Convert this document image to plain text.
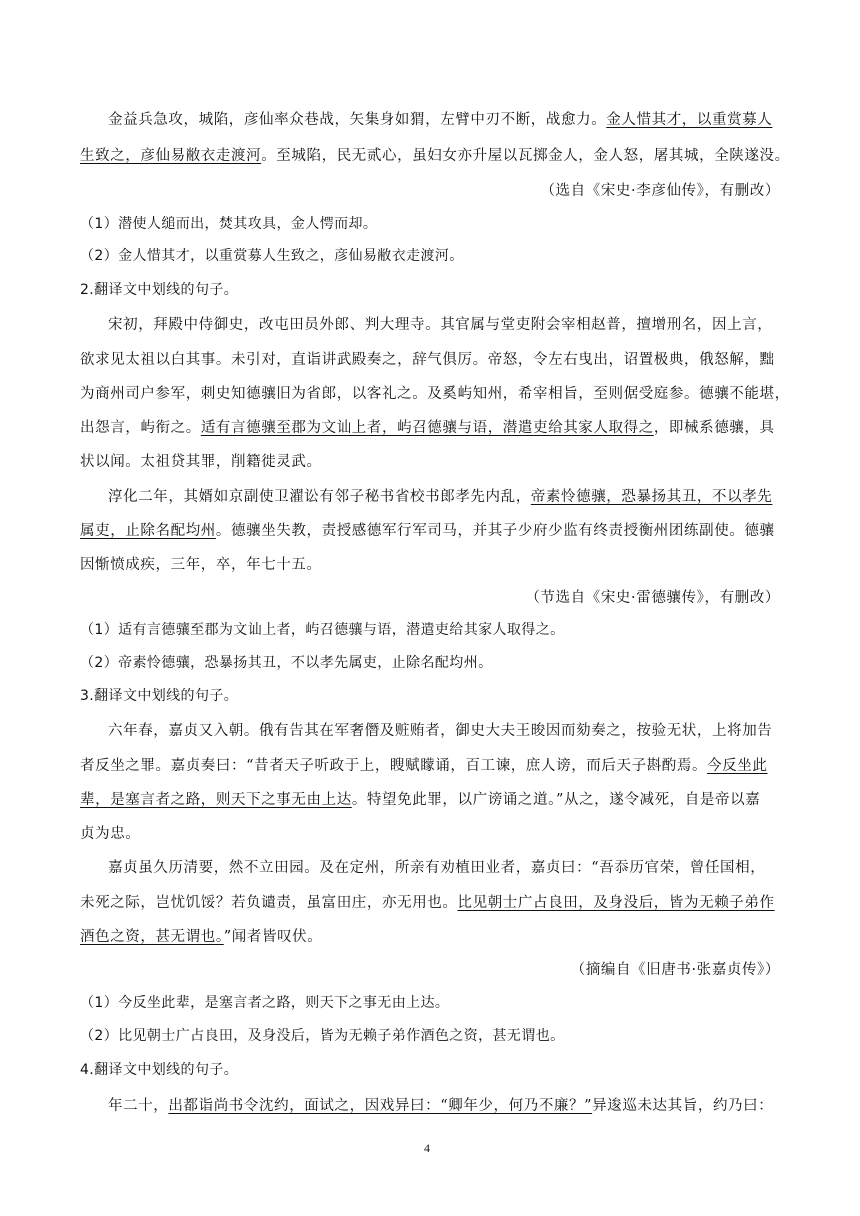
金益兵急攻，城陷，彦仙率众巷战，矢集身如猬，左臂中刃不断，战愈力。金人惜其才，以重赏募人
生致之，彦仙易敝衣走渡河。至城陷，民无贰心，虽妇女亦升屋以瓦掷金人，金人怒，屠其城，全陕遂没。
（选自《宋史·李彦仙传》，有删改）
（1）潜使人缒而出，焚其攻具，金人愕而却。
（2）金人惜其才，以重赏募人生致之，彦仙易敝衣走渡河。
2.翻译文中划线的句子。
宋初，拜殿中侍御史，改屯田员外郎、判大理寺。其官属与堂吏附会宰相赵普，擅增刑名，因上言，
欲求见太祖以白其事。未引对，直诣讲武殿奏之，辞气俱厉。帝怒，令左右曳出，诏置极典，俄怒解，黜
为商州司户参军，刺史知德骧旧为省郎，以客礼之。及奚屿知州，希宰相旨，至则倨受庭参。德骧不能堪，
出怨言，屿衔之。适有言德骧至郡为文讪上者，屿召德骧与语，潜遣吏给其家人取得之，即械系德骧，具
状以闻。太祖贷其罪，削籍徙灵武。
淳化二年，其婿如京副使卫濯讼有邻子秘书省校书郎孝先内乱，帝素怜德骧，恐暴扬其丑，不以孝先
属吏，止除名配均州。德骧坐失教，责授感德军行军司马，并其子少府少监有终责授衡州团练副使。德骧
因惭愤成疾，三年，卒，年七十五。
（节选自《宋史·雷德骧传》，有删改）
（1）适有言德骧至郡为文讪上者，屿召德骧与语，潜遣吏给其家人取得之。
（2）帝素怜德骧，恐暴扬其丑，不以孝先属吏，止除名配均州。
3.翻译文中划线的句子。
六年春，嘉贞又入朝。俄有告其在军奢僭及赃贿者，御史大夫王晙因而劾奏之，按验无状，上将加告
者反坐之罪。嘉贞奏曰：“昔者天子听政于上，瞍赋矇诵，百工谏，庶人谤，而后天子斟酌焉。今反坐此
辈，是塞言者之路，则天下之事无由上达。特望免此罪，以广谤诵之道。”从之，遂令减死，自是帝以嘉
贞为忠。
嘉贞虽久历清要，然不立田园。及在定州，所亲有劝植田业者，嘉贞曰：“吾忝历官荣，曾任国相，
未死之际，岂忧饥馁？若负谴责，虽富田庄，亦无用也。比见朝士广占良田，及身没后，皆为无赖子弟作
酒色之资，甚无谓也。”闻者皆叹伏。
（摘编自《旧唐书·张嘉贞传》）
（1）今反坐此辈，是塞言者之路，则天下之事无由上达。
（2）比见朝士广占良田，及身没后，皆为无赖子弟作酒色之资，甚无谓也。
4.翻译文中划线的句子。
年二十，出都诣尚书令沈约，面试之，因戏异曰：“卿年少，何乃不廉？”异逡巡未达其旨，约乃曰：
4
